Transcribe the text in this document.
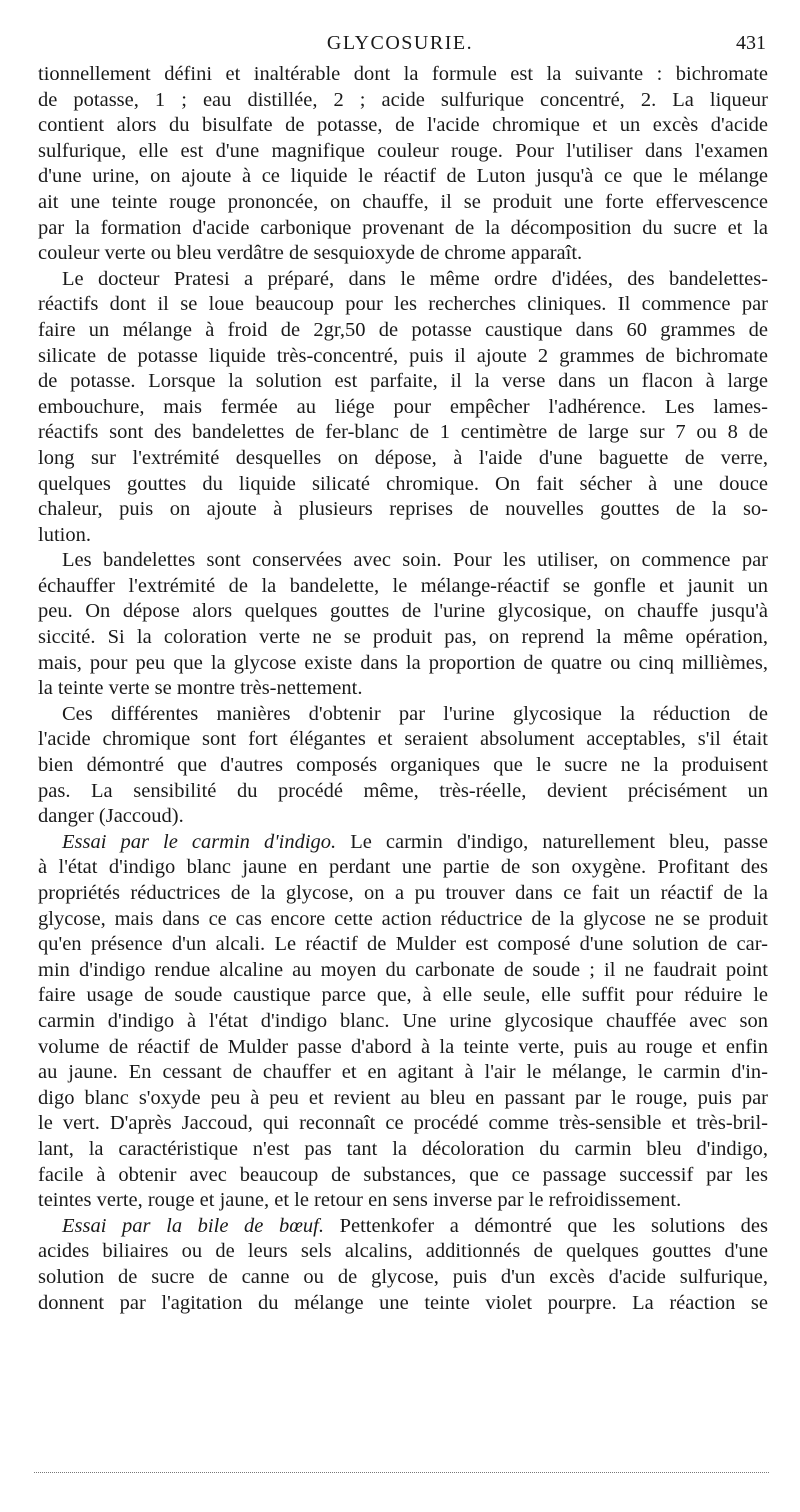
GLYCOSURIE.	431
tionnellement défini et inaltérable dont la formule est la suivante : bichromate
de potasse, 1 ; eau distillée, 2 ; acide sulfurique concentré, 2. La liqueur
contient alors du bisulfate de potasse, de l'acide chromique et un excès d'acide
sulfurique, elle est d'une magnifique couleur rouge. Pour l'utiliser dans l'examen
d'une urine, on ajoute à ce liquide le réactif de Luton jusqu'à ce que le mélange
ait une teinte rouge prononcée, on chauffe, il se produit une forte effervescence
par la formation d'acide carbonique provenant de la décomposition du sucre et la
couleur verte ou bleu verdâtre de sesquioxyde de chrome apparaît.
Le docteur Pratesi a préparé, dans le même ordre d'idées, des bandelettes-
réactifs dont il se loue beaucoup pour les recherches cliniques. Il commence par
faire un mélange à froid de 2gr,50 de potasse caustique dans 60 grammes de
silicate de potasse liquide très-concentré, puis il ajoute 2 grammes de bichromate
de potasse. Lorsque la solution est parfaite, il la verse dans un flacon à large
embouchure, mais fermée au liége pour empêcher l'adhérence. Les lames-
réactifs sont des bandelettes de fer-blanc de 1 centimètre de large sur 7 ou 8 de
long sur l'extrémité desquelles on dépose, à l'aide d'une baguette de verre,
quelques gouttes du liquide silicaté chromique. On fait sécher à une douce
chaleur, puis on ajoute à plusieurs reprises de nouvelles gouttes de la so-
lution.
Les bandelettes sont conservées avec soin. Pour les utiliser, on commence par
échauffer l'extrémité de la bandelette, le mélange-réactif se gonfle et jaunit un
peu. On dépose alors quelques gouttes de l'urine glycosique, on chauffe jusqu'à
siccité. Si la coloration verte ne se produit pas, on reprend la même opération,
mais, pour peu que la glycose existe dans la proportion de quatre ou cinq millièmes,
la teinte verte se montre très-nettement.
Ces différentes manières d'obtenir par l'urine glycosique la réduction de
l'acide chromique sont fort élégantes et seraient absolument acceptables, s'il était
bien démontré que d'autres composés organiques que le sucre ne la produisent
pas. La sensibilité du procédé même, très-réelle, devient précisément un
danger (Jaccoud).
Essai par le carmin d'indigo. Le carmin d'indigo, naturellement bleu, passe
à l'état d'indigo blanc jaune en perdant une partie de son oxygène. Profitant des
propriétés réductrices de la glycose, on a pu trouver dans ce fait un réactif de la
glycose, mais dans ce cas encore cette action réductrice de la glycose ne se produit
qu'en présence d'un alcali. Le réactif de Mulder est composé d'une solution de car-
min d'indigo rendue alcaline au moyen du carbonate de soude ; il ne faudrait point
faire usage de soude caustique parce que, à elle seule, elle suffit pour réduire le
carmin d'indigo à l'état d'indigo blanc. Une urine glycosique chauffée avec son
volume de réactif de Mulder passe d'abord à la teinte verte, puis au rouge et enfin
au jaune. En cessant de chauffer et en agitant à l'air le mélange, le carmin d'in-
digo blanc s'oxyde peu à peu et revient au bleu en passant par le rouge, puis par
le vert. D'après Jaccoud, qui reconnaît ce procédé comme très-sensible et très-bril-
lant, la caractéristique n'est pas tant la décoloration du carmin bleu d'indigo,
facile à obtenir avec beaucoup de substances, que ce passage successif par les
teintes verte, rouge et jaune, et le retour en sens inverse par le refroidissement.
Essai par la bile de bœuf. Pettenkofer a démontré que les solutions des
acides biliaires ou de leurs sels alcalins, additionnés de quelques gouttes d'une
solution de sucre de canne ou de glycose, puis d'un excès d'acide sulfurique,
donnent par l'agitation du mélange une teinte violet pourpre. La réaction se
